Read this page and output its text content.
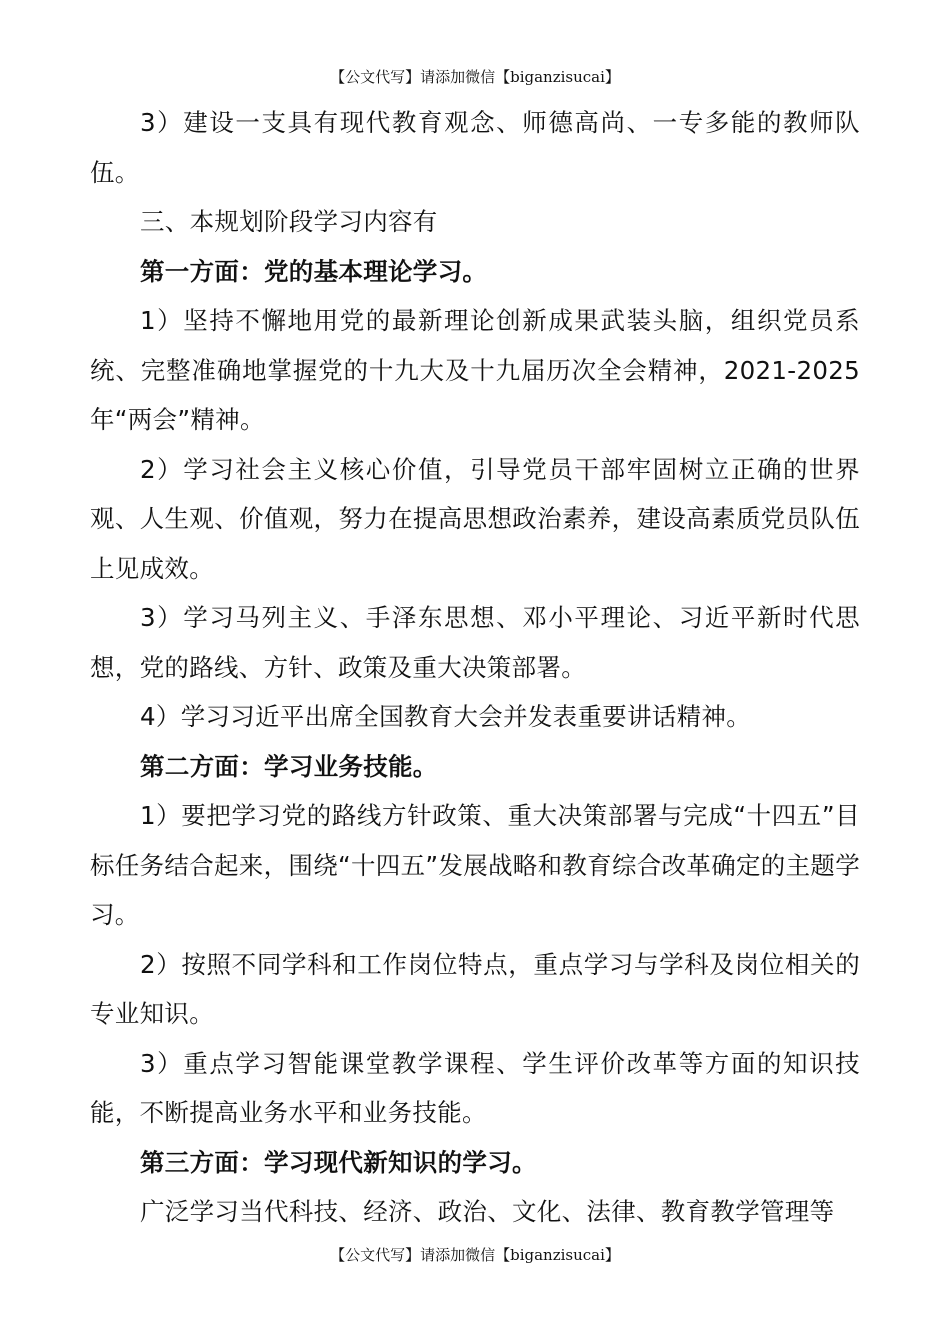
【公文代写】请添加微信【biganzisucai】

3）建设一支具有现代教育观念、师德高尚、一专多能的教师队伍。

三、本规划阶段学习内容有

第一方面：党的基本理论学习。

1）坚持不懈地用党的最新理论创新成果武装头脑，组织党员系统、完整准确地掌握党的十九大及十九届历次全会精神，2021-2025年“两会”精神。

2）学习社会主义核心价值，引导党员干部牢固树立正确的世界观、人生观、价值观，努力在提高思想政治素养，建设高素质党员队伍上见成效。

3）学习马列主义、手泽东思想、邓小平理论、习近平新时代思想，党的路线、方针、政策及重大决策部署。

4）学习习近平出席全国教育大会并发表重要讲话精神。

第二方面：学习业务技能。

1）要把学习党的路线方针政策、重大决策部署与完成“十四五”目标任务结合起来，围绕“十四五”发展战略和教育综合改革确定的主题学习。

2）按照不同学科和工作岗位特点，重点学习与学科及岗位相关的专业知识。

3）重点学习智能课堂教学课程、学生评价改革等方面的知识技能，不断提高业务水平和业务技能。

第三方面：学习现代新知识的学习。

广泛学习当代科技、经济、政治、文化、法律、教育教学管理等

【公文代写】请添加微信【biganzisucai】
